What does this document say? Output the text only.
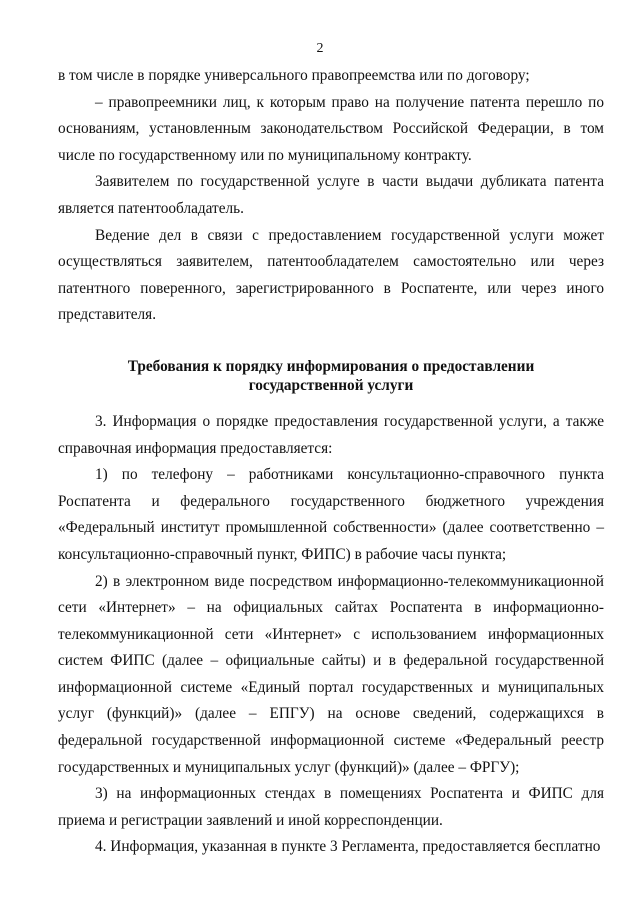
2

в том числе в порядке универсального правопреемства или по договору;

– правопреемники лиц, к которым право на получение патента перешло по основаниям, установленным законодательством Российской Федерации, в том числе по государственному или по муниципальному контракту.

Заявителем по государственной услуге в части выдачи дубликата патента является патентообладатель.

Ведение дел в связи с предоставлением государственной услуги может осуществляться заявителем, патентообладателем самостоятельно или через патентного поверенного, зарегистрированного в Роспатенте, или через иного представителя.

Требования к порядку информирования о предоставлении
государственной услуги

3. Информация о порядке предоставления государственной услуги, а также справочная информация предоставляется:

1) по телефону – работниками консультационно-справочного пункта Роспатента и федерального государственного бюджетного учреждения «Федеральный институт промышленной собственности» (далее соответственно – консультационно-справочный пункт, ФИПС) в рабочие часы пункта;

2) в электронном виде посредством информационно-телекоммуникационной сети «Интернет» – на официальных сайтах Роспатента в информационно-телекоммуникационной сети «Интернет» с использованием информационных систем ФИПС (далее – официальные сайты) и в федеральной государственной информационной системе «Единый портал государственных и муниципальных услуг (функций)» (далее – ЕПГУ) на основе сведений, содержащихся в федеральной государственной информационной системе «Федеральный реестр государственных и муниципальных услуг (функций)» (далее – ФРГУ);

3) на информационных стендах в помещениях Роспатента и ФИПС для приема и регистрации заявлений и иной корреспонденции.

4. Информация, указанная в пункте 3 Регламента, предоставляется бесплатно
